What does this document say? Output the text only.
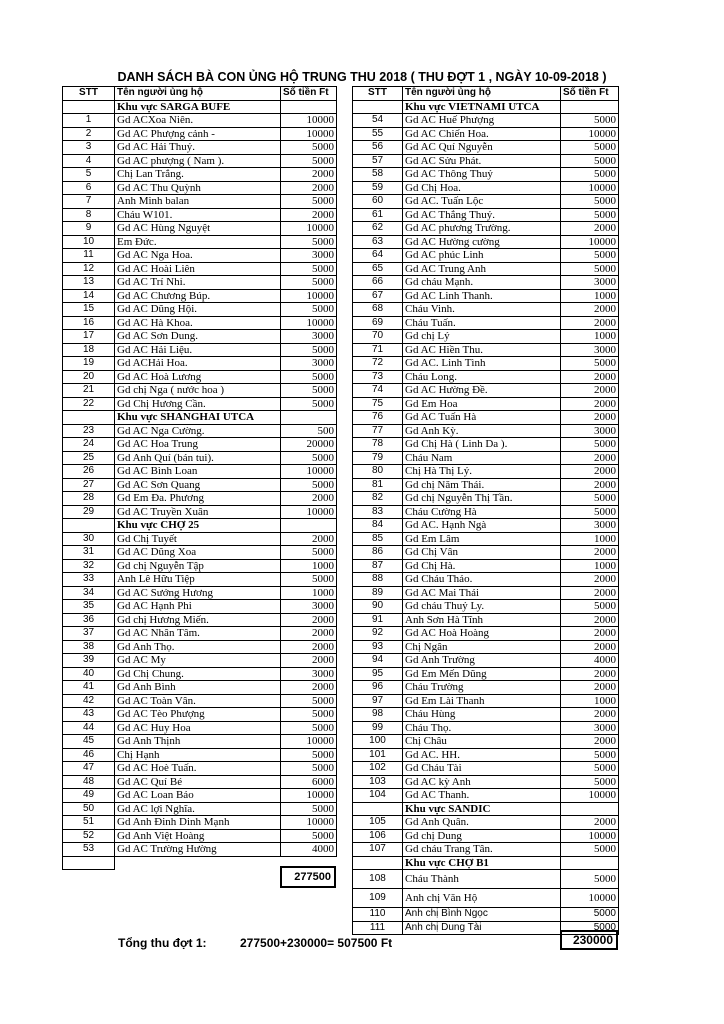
DANH SÁCH BÀ CON ỦNG HỘ TRUNG THU 2018 ( THU ĐỢT 1 , NGÀY 10-09-2018 )
STT	Tên người ủng hộ	Số tiền Ft
	Khu vực SARGA BUFE	
1	Gd ACXoa Niên.	10000
2	Gd AC Phượng cảnh -	10000
3	Gd AC Hải Thuỷ.	5000
4	Gd AC phượng ( Nam ).	5000
5	Chị Lan Trắng.	2000
6	Gd AC Thu Quỳnh	2000
7	Anh Minh balan	5000
8	Cháu W101.	2000
9	Gd AC Hùng Nguyệt	10000
10	Em Đức.	5000
11	Gd AC Nga Hoa.	3000
12	Gd AC Hoài Liên	5000
13	Gd AC Trí Nhi.	5000
14	Gd AC Chương Búp.	10000
15	Gd AC Dũng Hội.	5000
16	Gd AC Hà Khoa.	10000
17	Gd AC Sơn Dung.	3000
18	Gd AC Hải Liệu.	5000
19	Gd ACHải Hoa.	3000
20	Gd AC Hoà Lương	5000
21	Gd chị Nga ( nước hoa )	5000
22	Gd Chị Hương Cần.	5000
	Khu vực SHANGHAI UTCA	
23	Gd AC Nga Cường.	500
24	Gd AC Hoa Trung	20000
25	Gd Anh Quí (bán tui).	5000
26	Gd AC Bình Loan	10000
27	Gd AC Sơn Quang	5000
28	Gd Em Đa. Phương	2000
29	Gd AC Truyền Xuân	10000
	Khu vực CHỢ 25	
30	Gd Chị Tuyết	2000
31	Gd AC Dũng Xoa	5000
32	Gd chị Nguyễn Tập	1000
33	Anh Lê Hữu Tiệp	5000
34	Gd AC Sướng Hương	1000
35	Gd AC Hạnh Phi	3000
36	Gd chị Hương Miến.	2000
37	Gd AC Nhân Tâm.	2000
38	Gd Anh Thọ.	2000
39	Gd AC My	2000
40	Gd Chị Chung.	3000
41	Gd Anh Bình	2000
42	Gd AC Toàn Vân.	5000
43	Gd AC Tèo Phượng	5000
44	Gd AC Huy Hoa	5000
45	Gd Anh Thịnh	10000
46	Chị Hạnh	5000
47	Gd AC Hoè Tuấn.	5000
48	Gd AC Quí Bé	6000
49	Gd AC Loan Bảo	10000
50	Gd AC lợi Nghĩa.	5000
51	Gd Anh Đinh Dinh Mạnh	10000
52	Gd Anh Việt Hoàng	5000
53	Gd AC Trường Hường	4000

STT	Tên người ủng hộ	Số tiền Ft
	Khu vực VIETNAMI UTCA	
54	Gd AC Huế Phượng	5000
55	Gd AC Chiến Hoa.	10000
56	Gd AC Quí Nguyễn	5000
57	Gd AC Sửu Phát.	5000
58	Gd AC Thông Thuỷ	5000
59	Gd Chị Hoa.	10000
60	Gd AC. Tuấn Lộc	5000
61	Gd AC Thắng Thuỷ.	5000
62	Gd AC phương Trường.	2000
63	Gd AC Hường cường	10000
64	Gd AC phúc Linh	5000
65	Gd AC Trung Anh	5000
66	Gd cháu Mạnh.	3000
67	Gd AC Linh Thanh.	1000
68	Cháu Vinh.	2000
69	Cháu Tuấn.	2000
70	Gd chị Lý	1000
71	Gd AC Hiền Thu.	3000
72	Gd AC. Linh Tình	5000
73	Cháu Long.	2000
74	Gd AC Hường Đề.	2000
75	Gd Em Hoa	2000
76	Gd AC Tuấn Hà	2000
77	Gd Anh Kỳ.	3000
78	Gd Chị Hà ( Linh Da ).	5000
79	Cháu Nam	2000
80	Chị Hà Thị Lý.	2000
81	Gd chị Năm Thái.	2000
82	Gd chị Nguyễn Thị Tần.	5000
83	Cháu Cường Hà	5000
84	Gd AC. Hạnh Ngà	3000
85	Gd Em Lâm	1000
86	Gd Chị Vân	2000
87	Gd Chị Hà.	1000
88	Gd Cháu Thảo.	2000
89	Gd AC Mai Thái	2000
90	Gd cháu Thuỷ Ly.	5000
91	Anh Sơn Hà Tĩnh	2000
92	Gd AC Hoà Hoàng	2000
93	Chị Ngân	2000
94	Gd Anh Trường	4000
95	Gd Em Mến Dũng	2000
96	Cháu Trường	2000
97	Gd Em Lài Thanh	1000
98	Cháu Hùng	2000
99	Cháu Thọ.	3000
100	Chị Châu	2000
101	Gd AC. HH.	5000
102	Gd Cháu Tài	5000
103	Gd AC kỳ Anh	5000
104	Gd AC Thanh.	10000
	Khu vực SANDIC	
105	Gd Anh Quân.	2000
106	Gd chị Dung	10000
107	Gd cháu Trang Tân.	5000
	Khu vực CHỢ B1	
108	Cháu Thành	5000
109	Anh chị Văn Hộ	10000
110	Anh chị Bình Ngọc	5000
111	Anh chị Dung Tài	5000
277500
230000
Tổng thu đợt 1:	277500+230000= 507500 Ft
